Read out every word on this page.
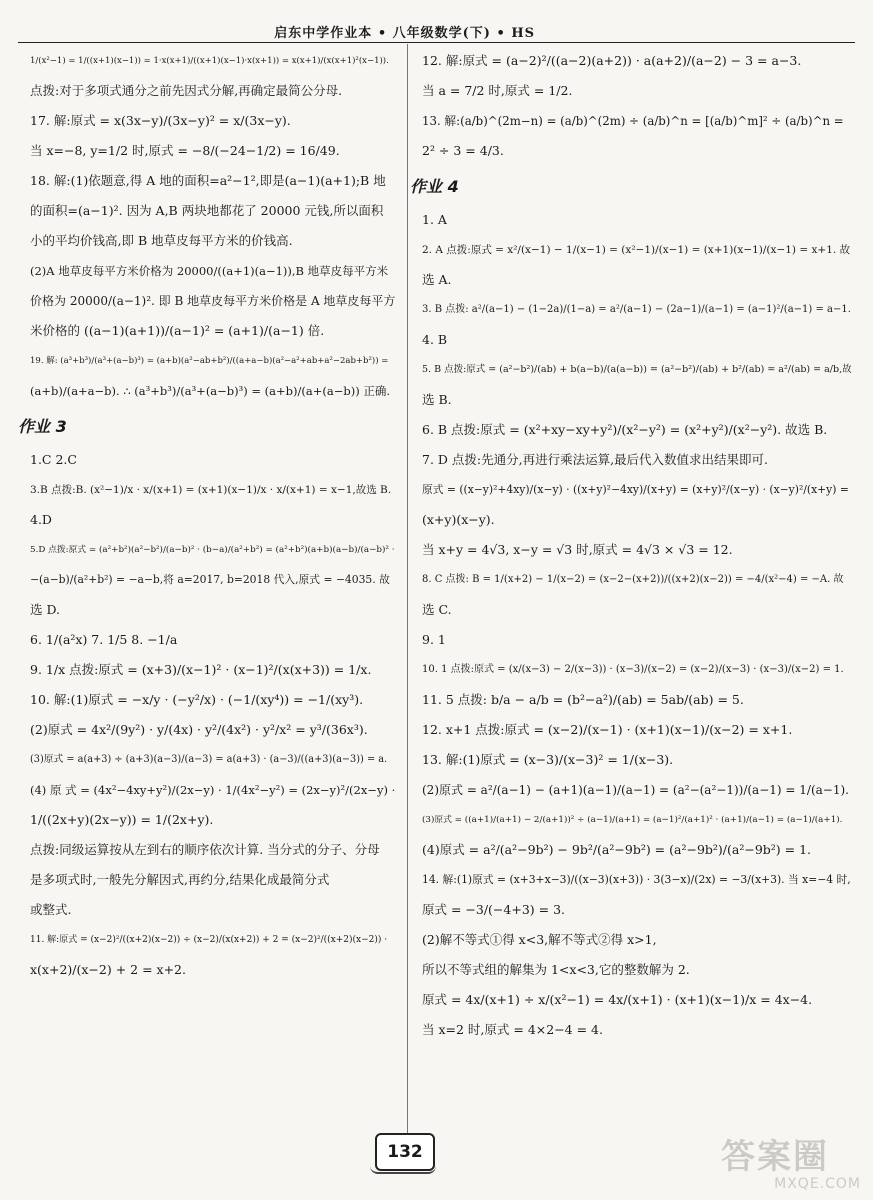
启东中学作业本 • 八年级数学(下) • HS
1/(x²−1) = 1/((x+1)(x−1)) = 1·x(x+1)/((x+1)(x−1)·x(x+1)) = x(x+1)/(x(x+1)²(x−1)).
点拨:对于多项式通分之前先因式分解,再确定最简公分母.
17. 解:原式 = x(3x−y)/(3x−y)² = x/(3x−y).
当 x=−8, y=1/2 时,原式 = −8/(−24−1/2) = 16/49.
18. 解:(1)依题意,得 A 地的面积=a²−1²,即是(a−1)(a+1);B 地
的面积=(a−1)². 因为 A,B 两块地都花了 20000 元钱,所以面积
小的平均价钱高,即 B 地草皮每平方米的价钱高.
(2)A 地草皮每平方米价格为 20000/((a+1)(a−1)),B 地草皮每平方米
价格为 20000/(a−1)². 即 B 地草皮每平方米价格是 A 地草皮每平方
米价格的 ((a−1)(a+1))/(a−1)² = (a+1)/(a−1) 倍.
19. 解: (a³+b³)/(a³+(a−b)³) = (a+b)(a²−ab+b²)/((a+a−b)(a²−a²+ab+a²−2ab+b²)) =
(a+b)/(a+a−b). ∴ (a³+b³)/(a³+(a−b)³) = (a+b)/(a+(a−b)) 正确.
作业 3
1.C 2.C
3.B 点拨:B. (x²−1)/x · x/(x+1) = (x+1)(x−1)/x · x/(x+1) = x−1,故选 B.
4.D
5.D 点拨:原式 = (a²+b²)(a²−b²)/(a−b)² · (b−a)/(a²+b²) = (a²+b²)(a+b)(a−b)/(a−b)² ·
−(a−b)/(a²+b²) = −a−b,将 a=2017, b=2018 代入,原式 = −4035. 故
选 D.
6. 1/(a²x) 7. 1/5 8. −1/a
9. 1/x 点拨:原式 = (x+3)/(x−1)² · (x−1)²/(x(x+3)) = 1/x.
10. 解:(1)原式 = −x/y · (−y²/x) · (−1/(xy⁴)) = −1/(xy³).
(2)原式 = 4x²/(9y²) · y/(4x) · y²/(4x²) · y²/x² = y³/(36x³).
(3)原式 = a(a+3) ÷ (a+3)(a−3)/(a−3) = a(a+3) · (a−3)/((a+3)(a−3)) = a.
(4) 原 式 = (4x²−4xy+y²)/(2x−y) · 1/(4x²−y²) = (2x−y)²/(2x−y) ·
1/((2x+y)(2x−y)) = 1/(2x+y).
点拨:同级运算按从左到右的顺序依次计算. 当分式的分子、分母
是多项式时,一般先分解因式,再约分,结果化成最简分式
或整式.
11. 解:原式 = (x−2)²/((x+2)(x−2)) ÷ (x−2)/(x(x+2)) + 2 = (x−2)²/((x+2)(x−2)) ·
x(x+2)/(x−2) + 2 = x+2.
12. 解:原式 = (a−2)²/((a−2)(a+2)) · a(a+2)/(a−2) − 3 = a−3.
当 a = 7/2 时,原式 = 1/2.
13. 解:(a/b)^(2m−n) = (a/b)^(2m) ÷ (a/b)^n = [(a/b)^m]² ÷ (a/b)^n =
2² ÷ 3 = 4/3.
作业 4
1. A
2. A 点拨:原式 = x²/(x−1) − 1/(x−1) = (x²−1)/(x−1) = (x+1)(x−1)/(x−1) = x+1. 故
选 A.
3. B 点拨: a²/(a−1) − (1−2a)/(1−a) = a²/(a−1) − (2a−1)/(a−1) = (a−1)²/(a−1) = a−1.
4. B
5. B 点拨:原式 = (a²−b²)/(ab) + b(a−b)/(a(a−b)) = (a²−b²)/(ab) + b²/(ab) = a²/(ab) = a/b,故
选 B.
6. B 点拨:原式 = (x²+xy−xy+y²)/(x²−y²) = (x²+y²)/(x²−y²). 故选 B.
7. D 点拨:先通分,再进行乘法运算,最后代入数值求出结果即可.
原式 = ((x−y)²+4xy)/(x−y) · ((x+y)²−4xy)/(x+y) = (x+y)²/(x−y) · (x−y)²/(x+y) =
(x+y)(x−y).
当 x+y = 4√3, x−y = √3 时,原式 = 4√3 × √3 = 12.
8. C 点拨: B = 1/(x+2) − 1/(x−2) = (x−2−(x+2))/((x+2)(x−2)) = −4/(x²−4) = −A. 故
选 C.
9. 1
10. 1 点拨:原式 = (x/(x−3) − 2/(x−3)) · (x−3)/(x−2) = (x−2)/(x−3) · (x−3)/(x−2) = 1.
11. 5 点拨: b/a − a/b = (b²−a²)/(ab) = 5ab/(ab) = 5.
12. x+1 点拨:原式 = (x−2)/(x−1) · (x+1)(x−1)/(x−2) = x+1.
13. 解:(1)原式 = (x−3)/(x−3)² = 1/(x−3).
(2)原式 = a²/(a−1) − (a+1)(a−1)/(a−1) = (a²−(a²−1))/(a−1) = 1/(a−1).
(3)原式 = ((a+1)/(a+1) − 2/(a+1))² ÷ (a−1)/(a+1) = (a−1)²/(a+1)² · (a+1)/(a−1) = (a−1)/(a+1).
(4)原式 = a²/(a²−9b²) − 9b²/(a²−9b²) = (a²−9b²)/(a²−9b²) = 1.
14. 解:(1)原式 = (x+3+x−3)/((x−3)(x+3)) · 3(3−x)/(2x) = −3/(x+3). 当 x=−4 时,
原式 = −3/(−4+3) = 3.
(2)解不等式①得 x<3,解不等式②得 x>1,
所以不等式组的解集为 1<x<3,它的整数解为 2.
原式 = 4x/(x+1) ÷ x/(x²−1) = 4x/(x+1) · (x+1)(x−1)/x = 4x−4.
当 x=2 时,原式 = 4×2−4 = 4.
132	答案圈
MXQE.COM
